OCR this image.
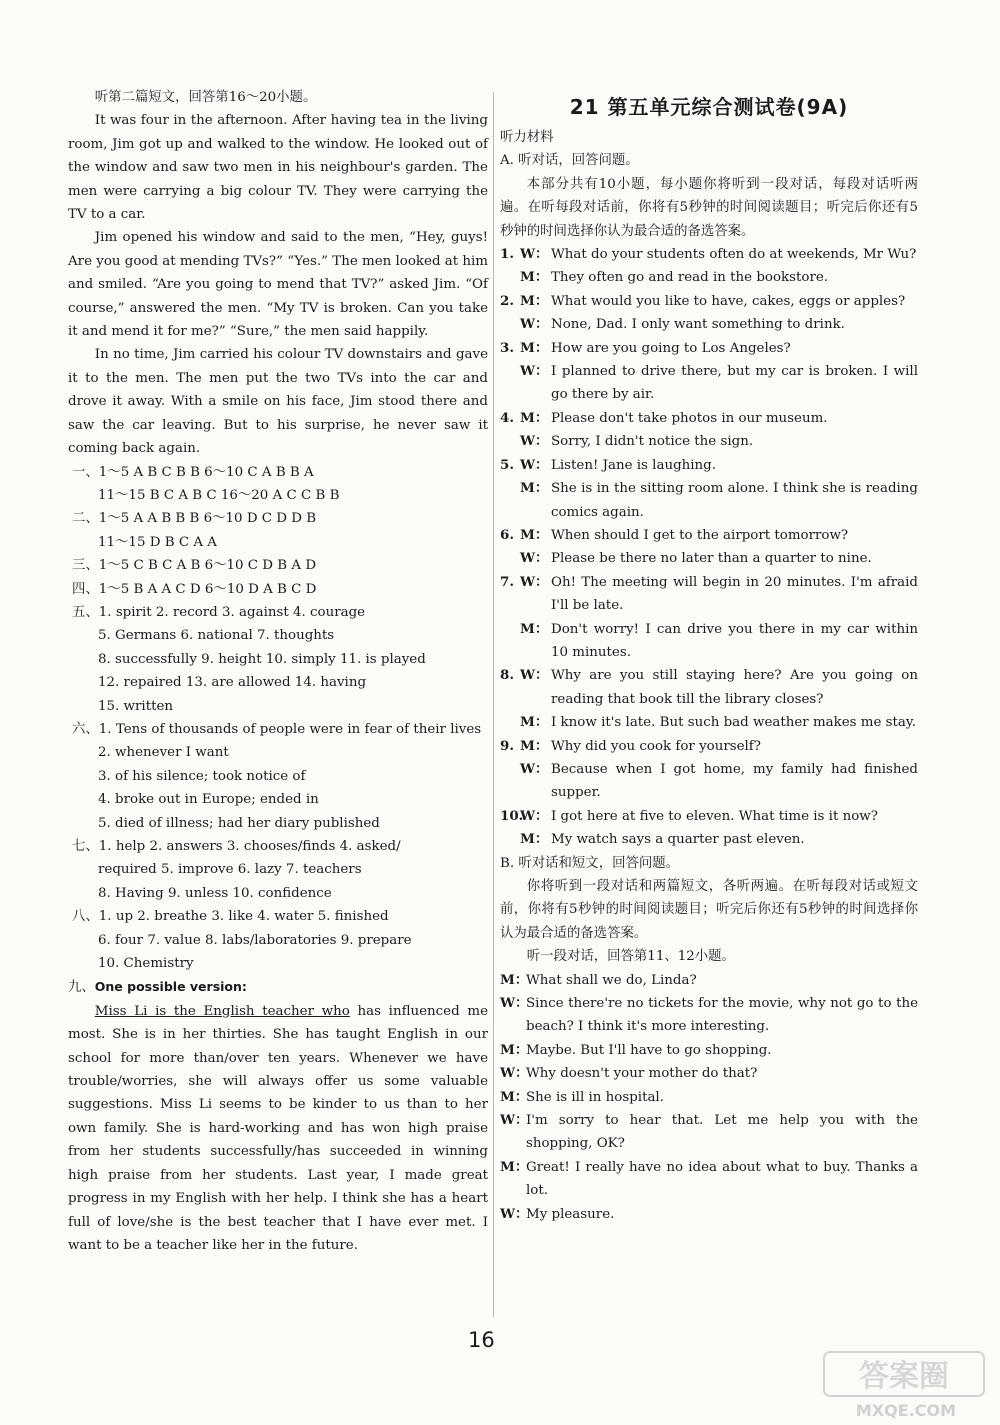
听第二篇短文，回答第16～20小题。

It was four in the afternoon. After having tea in the living room, Jim got up and walked to the window. He looked out of the window and saw two men in his neighbour's garden. The men were carrying a big colour TV. They were carrying the TV to a car.

Jim opened his window and said to the men, “Hey, guys! Are you good at mending TVs?” “Yes.” The men looked at him and smiled. “Are you going to mend that TV?” asked Jim. “Of course,” answered the men. “My TV is broken. Can you take it and mend it for me?” “Sure,” the men said happily.

In no time, Jim carried his colour TV downstairs and gave it to the men. The men put the two TVs into the car and drove it away. With a smile on his face, Jim stood there and saw the car leaving. But to his surprise, he never saw it coming back again.

一、1～5 A B C B B 6～10 C A B B A

11～15 B C A B C 16～20 A C C B B

二、1～5 A A B B B 6～10 D C D D B

11～15 D B C A A

三、1～5 C B C A B 6～10 C D B A D

四、1～5 B A A C D 6～10 D A B C D

五、1. spirit 2. record 3. against 4. courage

5. Germans 6. national 7. thoughts

8. successfully 9. height 10. simply 11. is played

12. repaired 13. are allowed 14. having

15. written

六、1. Tens of thousands of people were in fear of their lives

2. whenever I want

3. of his silence; took notice of

4. broke out in Europe; ended in

5. died of illness; had her diary published

七、1. help 2. answers 3. chooses/finds 4. asked/

required 5. improve 6. lazy 7. teachers

8. Having 9. unless 10. confidence

八、1. up 2. breathe 3. like 4. water 5. finished

6. four 7. value 8. labs/laboratories 9. prepare

10. Chemistry

九、One possible version:

Miss Li is the English teacher who has influenced me most. She is in her thirties. She has taught English in our school for more than/over ten years. Whenever we have trouble/worries, she will always offer us some valuable suggestions. Miss Li seems to be kinder to us than to her own family. She is hard-working and has won high praise from her students successfully/has succeeded in winning high praise from her students. Last year, I made great progress in my English with her help. I think she has a heart full of love/she is the best teacher that I have ever met. I want to be a teacher like her in the future.

21 第五单元综合测试卷(9A)

听力材料

A. 听对话，回答问题。

本部分共有10小题，每小题你将听到一段对话，每段对话听两遍。在听每段对话前，你将有5秒钟的时间阅读题目；听完后你还有5秒钟的时间选择你认为最合适的备选答案。

1. W： What do your students often do at weekends, Mr Wu?
M： They often go and read in the bookstore.
2. M： What would you like to have, cakes, eggs or apples?
W： None, Dad. I only want something to drink.
3. M： How are you going to Los Angeles?
W： I planned to drive there, but my car is broken. I will go there by air.
4. M： Please don't take photos in our museum.
W： Sorry, I didn't notice the sign.
5. W： Listen! Jane is laughing.
M： She is in the sitting room alone. I think she is reading comics again.
6. M： When should I get to the airport tomorrow?
W： Please be there no later than a quarter to nine.
7. W： Oh! The meeting will begin in 20 minutes. I'm afraid I'll be late.
M： Don't worry! I can drive you there in my car within 10 minutes.
8. W： Why are you still staying here? Are you going on reading that book till the library closes?
M： I know it's late. But such bad weather makes me stay.
9. M： Why did you cook for yourself?
W： Because when I got home, my family had finished supper.
10.
W： I got here at five to eleven. What time is it now?
M： My watch says a quarter past eleven.

B. 听对话和短文，回答问题。

你将听到一段对话和两篇短文，各听两遍。在听每段对话或短文前，你将有5秒钟的时间阅读题目；听完后你还有5秒钟的时间选择你认为最合适的备选答案。

听一段对话，回答第11、12小题。

M：
What shall we do, Linda?
W：
Since there're no tickets for the movie, why not go to the beach? I think it's more interesting.
M：
Maybe. But I'll have to go shopping.
W：
Why doesn't your mother do that?
M：
She is ill in hospital.
W：
I'm sorry to hear that. Let me help you with the shopping, OK?
M：
Great! I really have no idea about what to buy. Thanks a lot.
W：
My pleasure.
16
答案圈
MXQE.COM
